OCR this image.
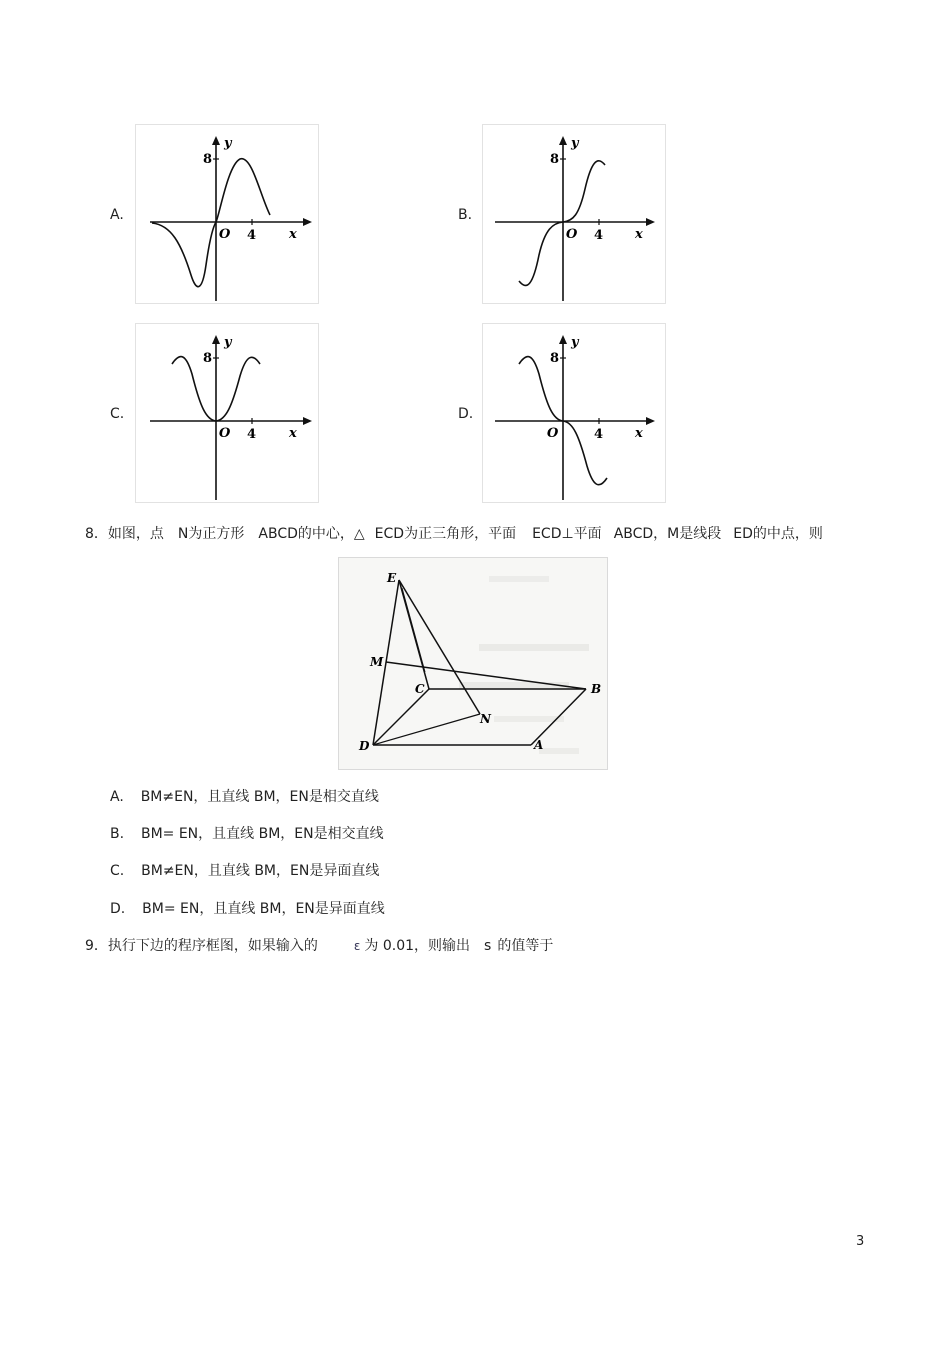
A.
y
8
O 4	x
B.
y
8
O 4 x
C.
y
8
O 4	x
D.
y
8
O	4 x
8．如图，点 N为正方形 ABCD的中心，△ ECD为正三角形，平面 ECD⊥平面 ABCD，M是线段 ED的中点，则
E
M
C	B
N
D	A
A. BM≠EN，且直线 BM，EN是相交直线
B. BM= EN，且直线 BM，EN是相交直线
C. BM≠EN，且直线 BM，EN是异面直线
D. BM= EN，且直线 BM，EN是异面直线
9．执行下边的程序框图，如果输入的	ε 为 0.01，则输出 s 的值等于
3
